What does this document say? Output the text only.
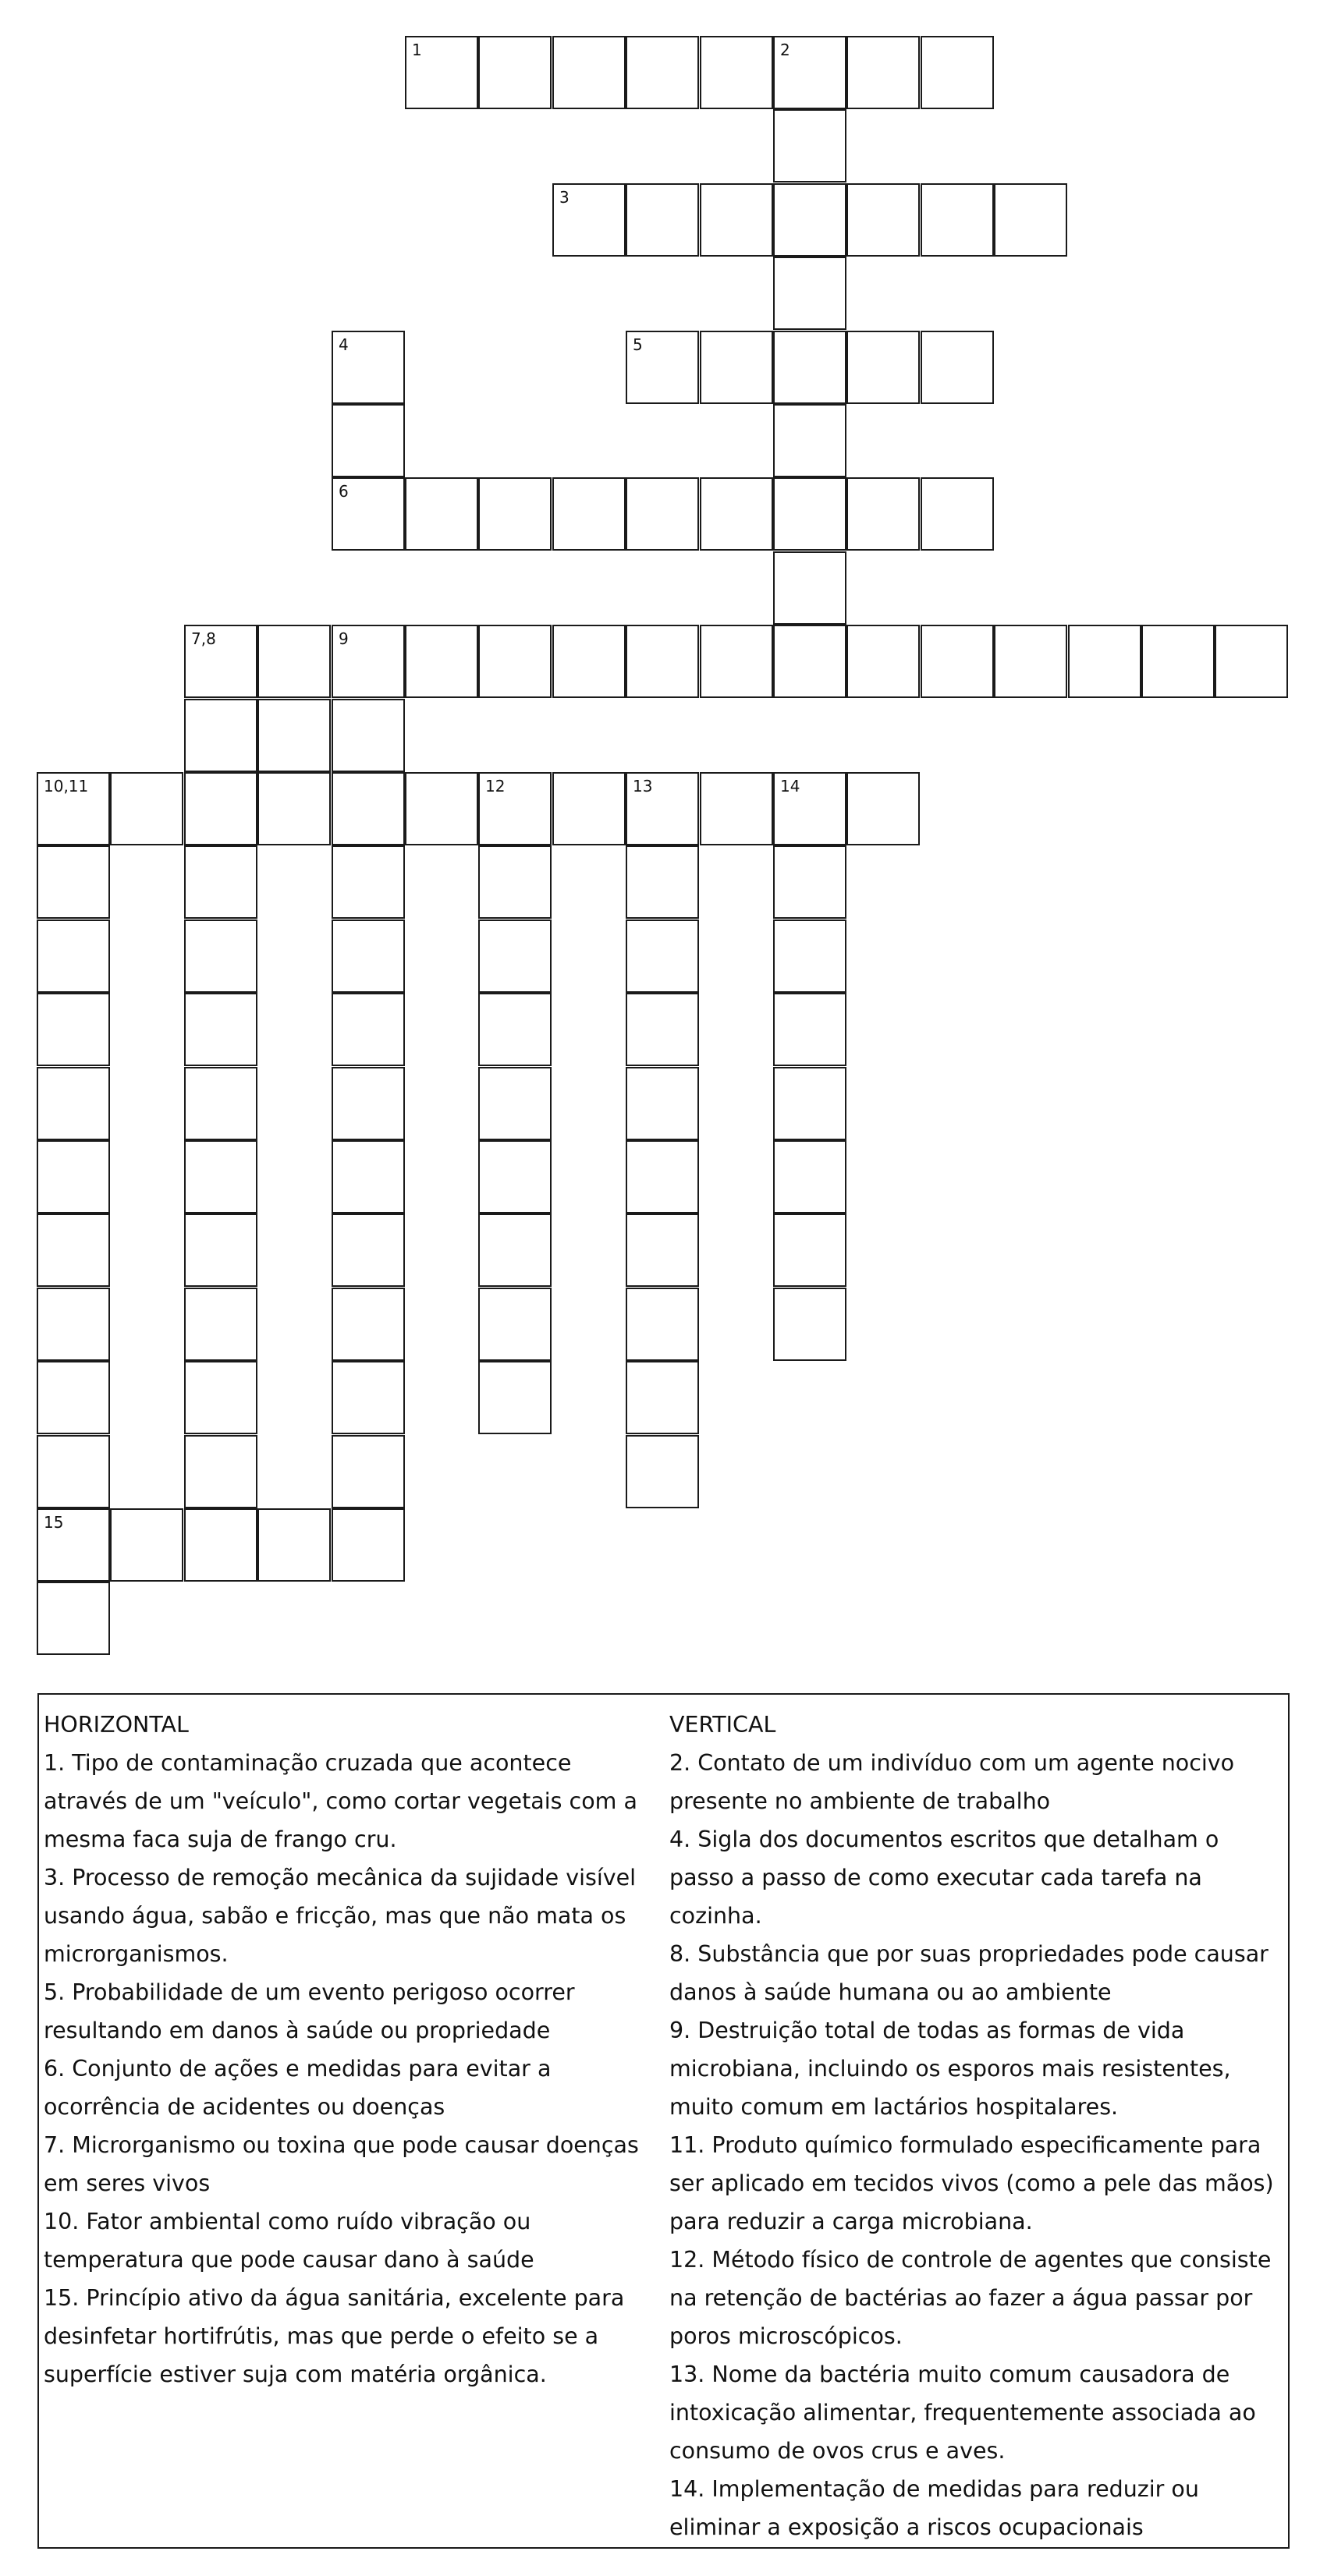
1	2
3
4	5
6
7,8	9
10,11	12	13	14
15

HORIZONTAL

1. Tipo de contaminação cruzada que acontece através de um "veículo", como cortar vegetais com a mesma faca suja de frango cru.

3. Processo de remoção mecânica da sujidade visível usando água, sabão e fricção, mas que não mata os microrganismos.

5. Probabilidade de um evento perigoso ocorrer resultando em danos à saúde ou propriedade

6. Conjunto de ações e medidas para evitar a ocorrência de acidentes ou doenças

7. Microrganismo ou toxina que pode causar doenças em seres vivos

10. Fator ambiental como ruído vibração ou temperatura que pode causar dano à saúde

15. Princípio ativo da água sanitária, excelente para desinfetar hortifrútis, mas que perde o efeito se a superfície estiver suja com matéria orgânica.

VERTICAL

2. Contato de um indivíduo com um agente nocivo presente no ambiente de trabalho

4. Sigla dos documentos escritos que detalham o passo a passo de como executar cada tarefa na cozinha.

8. Substância que por suas propriedades pode causar danos à saúde humana ou ao ambiente

9. Destruição total de todas as formas de vida microbiana, incluindo os esporos mais resistentes, muito comum em lactários hospitalares.

11. Produto químico formulado especificamente para ser aplicado em tecidos vivos (como a pele das mãos) para reduzir a carga microbiana.

12. Método físico de controle de agentes que consiste na retenção de bactérias ao fazer a água passar por poros microscópicos.

13. Nome da bactéria muito comum causadora de intoxicação alimentar, frequentemente associada ao consumo de ovos crus e aves.

14. Implementação de medidas para reduzir ou eliminar a exposição a riscos ocupacionais
